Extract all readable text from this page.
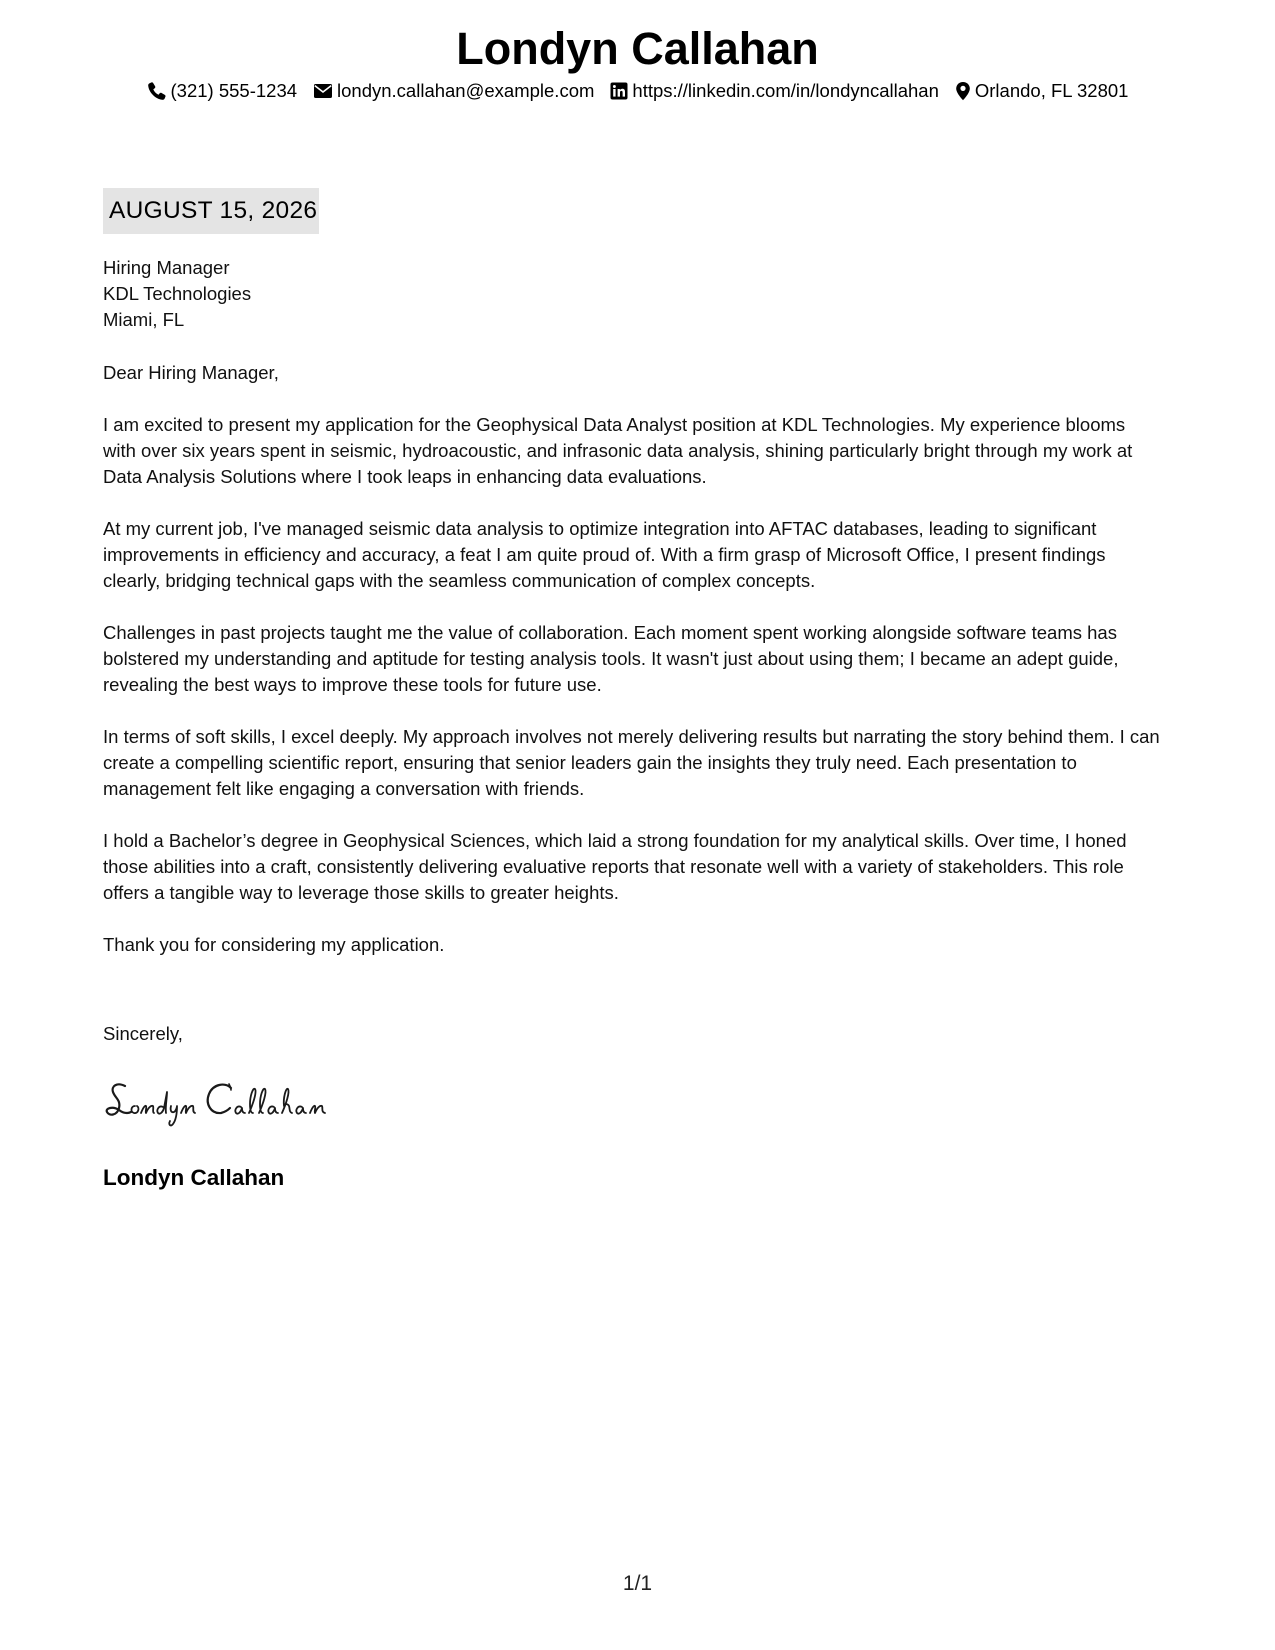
Londyn Callahan
(321) 555-1234 londyn.callahan@example.com https://linkedin.com/in/londyncallahan Orlando, FL 32801
AUGUST 15, 2026
Hiring Manager
KDL Technologies
Miami, FL

Dear Hiring Manager,

I am excited to present my application for the Geophysical Data Analyst position at KDL Technologies. My experience blooms with over six years spent in seismic, hydroacoustic, and infrasonic data analysis, shining particularly bright through my work at Data Analysis Solutions where I took leaps in enhancing data evaluations.

At my current job, I've managed seismic data analysis to optimize integration into AFTAC databases, leading to significant improvements in efficiency and accuracy, a feat I am quite proud of. With a firm grasp of Microsoft Office, I present findings clearly, bridging technical gaps with the seamless communication of complex concepts.

Challenges in past projects taught me the value of collaboration. Each moment spent working alongside software teams has bolstered my understanding and aptitude for testing analysis tools. It wasn't just about using them; I became an adept guide, revealing the best ways to improve these tools for future use.

In terms of soft skills, I excel deeply. My approach involves not merely delivering results but narrating the story behind them. I can create a compelling scientific report, ensuring that senior leaders gain the insights they truly need. Each presentation to management felt like engaging a conversation with friends.

I hold a Bachelor’s degree in Geophysical Sciences, which laid a strong foundation for my analytical skills. Over time, I honed those abilities into a craft, consistently delivering evaluative reports that resonate well with a variety of stakeholders. This role offers a tangible way to leverage those skills to greater heights.

Thank you for considering my application.

Sincerely,

Londyn Callahan

1/1
